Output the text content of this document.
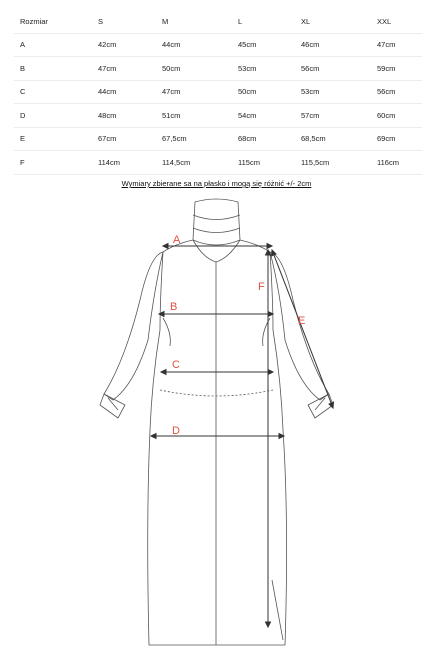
Rozmiar	S	M	L	XL	XXL
A	42cm	44cm	45cm	46cm	47cm
B	47cm	50cm	53cm	56cm	59cm
C	44cm	47cm	50cm	53cm	56cm
D	48cm	51cm	54cm	57cm	60cm
E	67cm	67,5cm	68cm	68,5cm	69cm
F	114cm	114,5cm	115cm	115,5cm	116cm
Wymiary zbierane sa na płasko i mogą się różnić +/- 2cm
A
B
C
D
E
F
